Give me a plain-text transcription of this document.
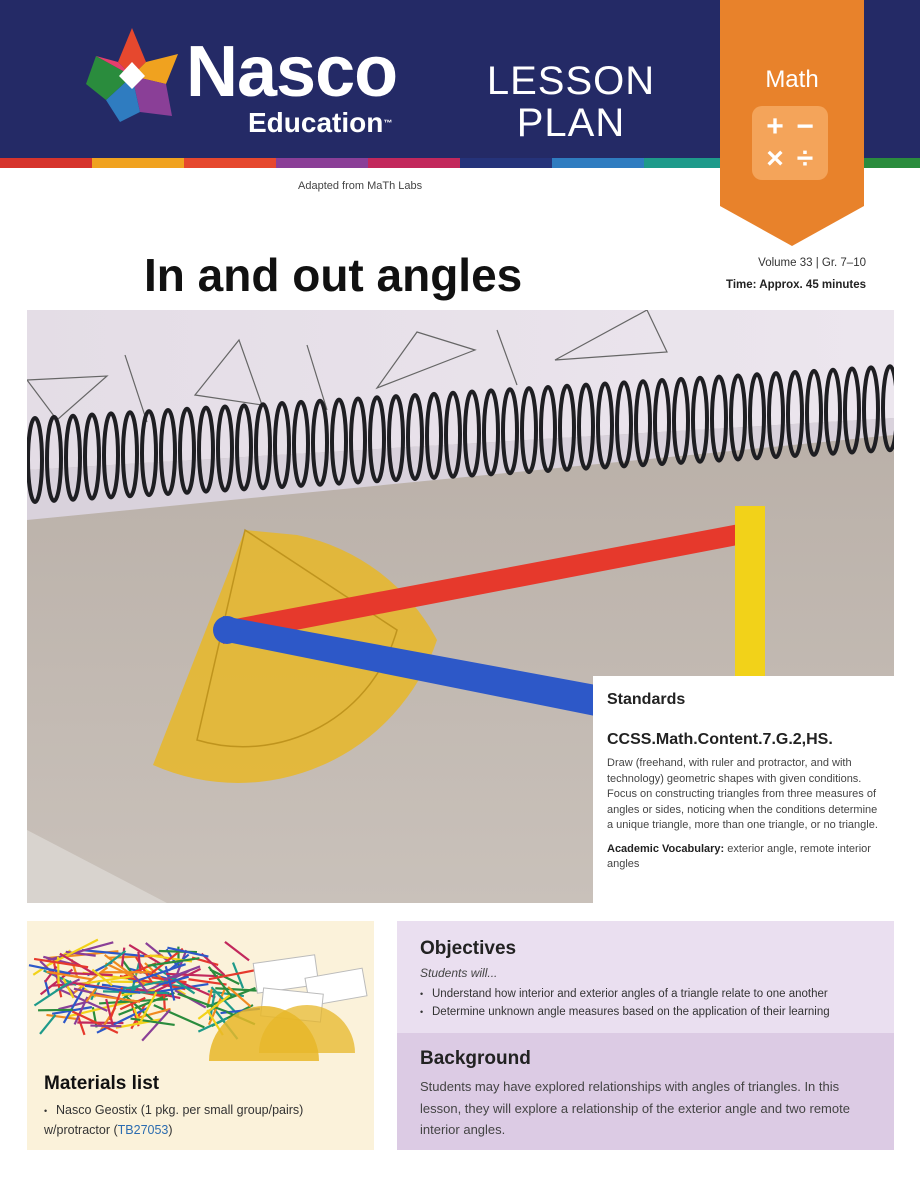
Nasco
Education™
LESSON
PLAN
Math
+ −
× ÷
Adapted from MaTh Labs
In and out angles	Volume 33 | Gr. 7–10
Time: Approx. 45 minutes
Standards
CCSS.Math.Content.7.G.2,HS.
Draw (freehand, with ruler and protractor, and with technology) geometric shapes with given conditions. Focus on constructing triangles from three measures of angles or sides, noticing when the conditions determine a unique triangle, more than one triangle, or no triangle.
Academic Vocabulary: exterior angle, remote interior angles
Materials list
• Nasco Geostix (1 pkg. per small group/pairs) w/protractor (TB27053)
Objectives
Students will...
• Understand how interior and exterior angles of a triangle relate to one another
• Determine unknown angle measures based on the application of their learning
Background
Students may have explored relationships with angles of triangles. In this lesson, they will explore a relationship of the exterior angle and two remote interior angles.
